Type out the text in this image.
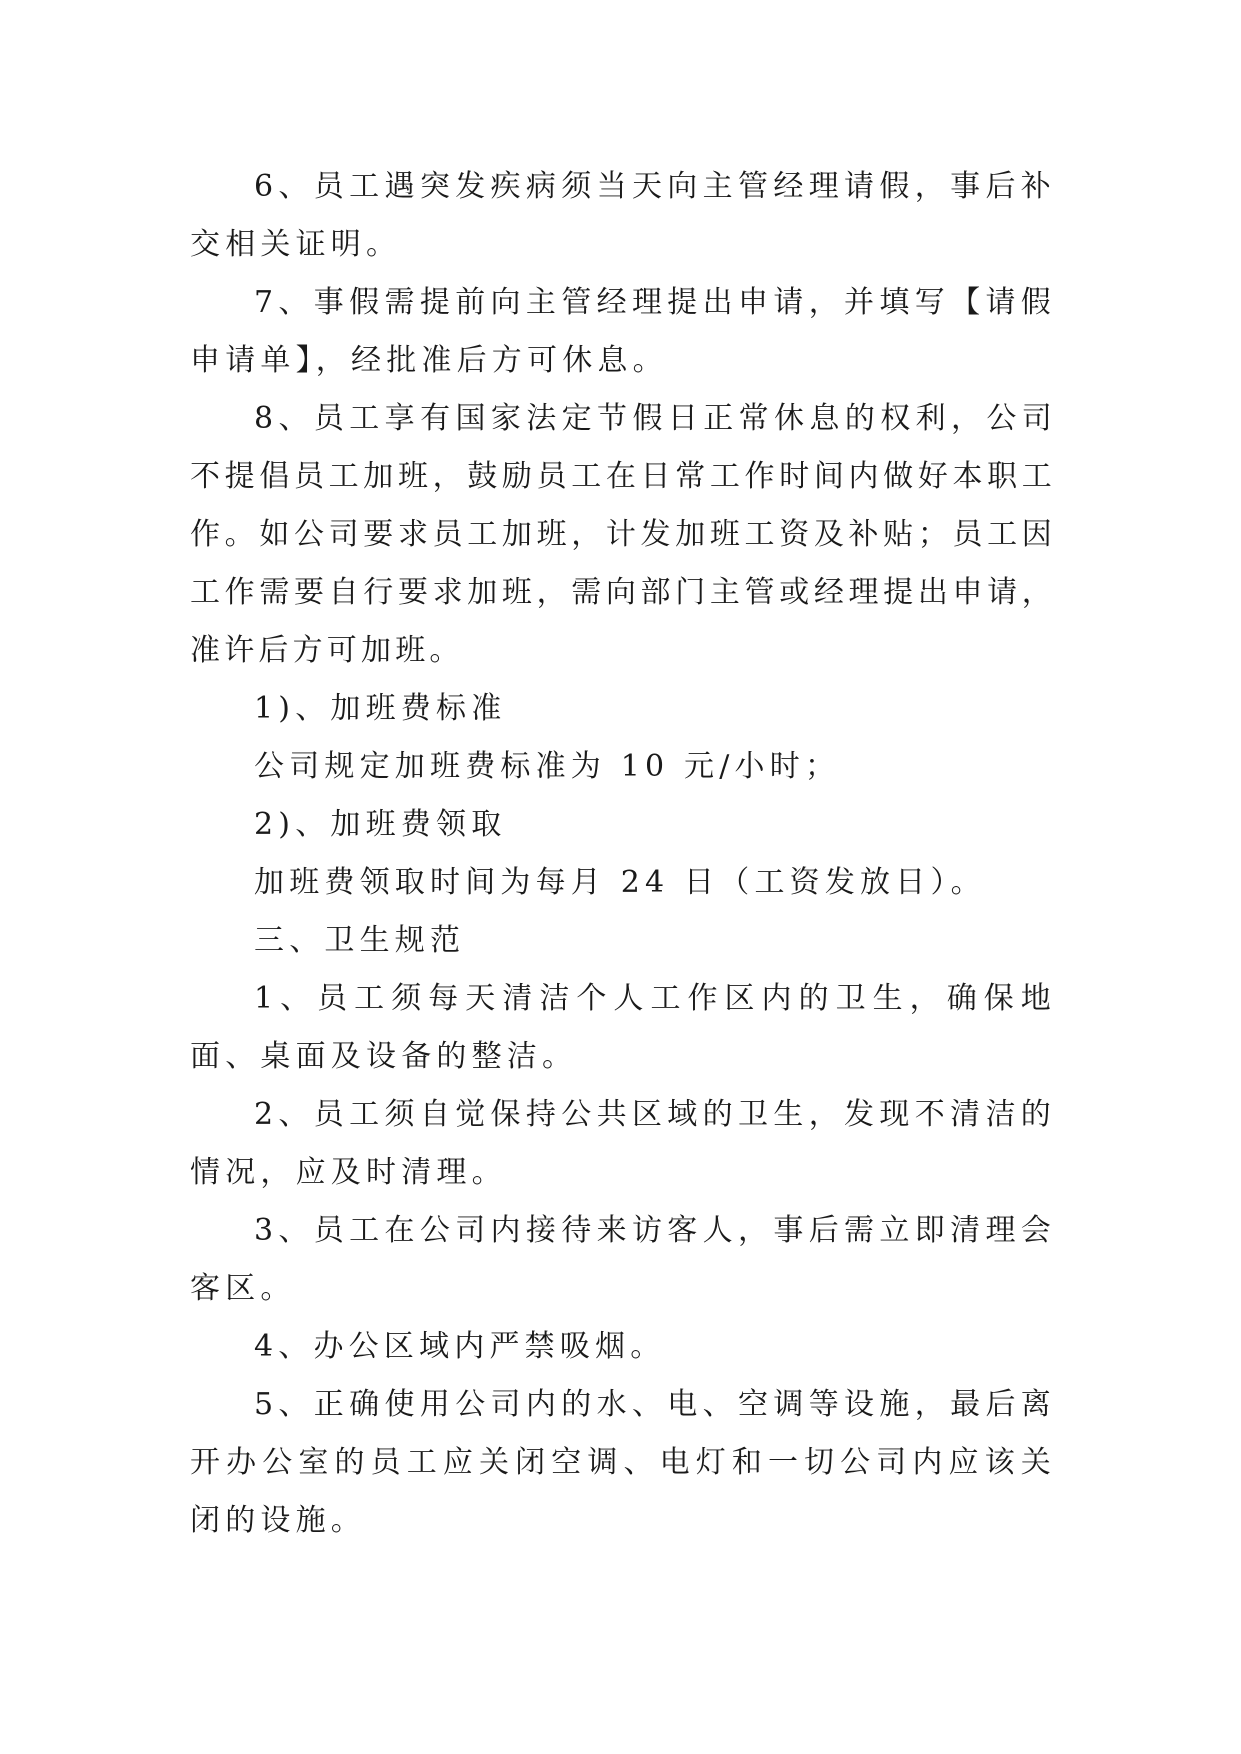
6、员工遇突发疾病须当天向主管经理请假，事后补交相关证明。

7、事假需提前向主管经理提出申请，并填写【请假申请单】，经批准后方可休息。

8、员工享有国家法定节假日正常休息的权利，公司不提倡员工加班，鼓励员工在日常工作时间内做好本职工作。如公司要求员工加班，计发加班工资及补贴；员工因工作需要自行要求加班，需向部门主管或经理提出申请，准许后方可加班。

1)、加班费标准

公司规定加班费标准为 10 元/小时；

2)、加班费领取

加班费领取时间为每月 24 日（工资发放日）。

三、卫生规范

1、员工须每天清洁个人工作区内的卫生，确保地面、桌面及设备的整洁。

2、员工须自觉保持公共区域的卫生，发现不清洁的情况，应及时清理。

3、员工在公司内接待来访客人，事后需立即清理会客区。

4、办公区域内严禁吸烟。

5、正确使用公司内的水、电、空调等设施，最后离开办公室的员工应关闭空调、电灯和一切公司内应该关闭的设施。
